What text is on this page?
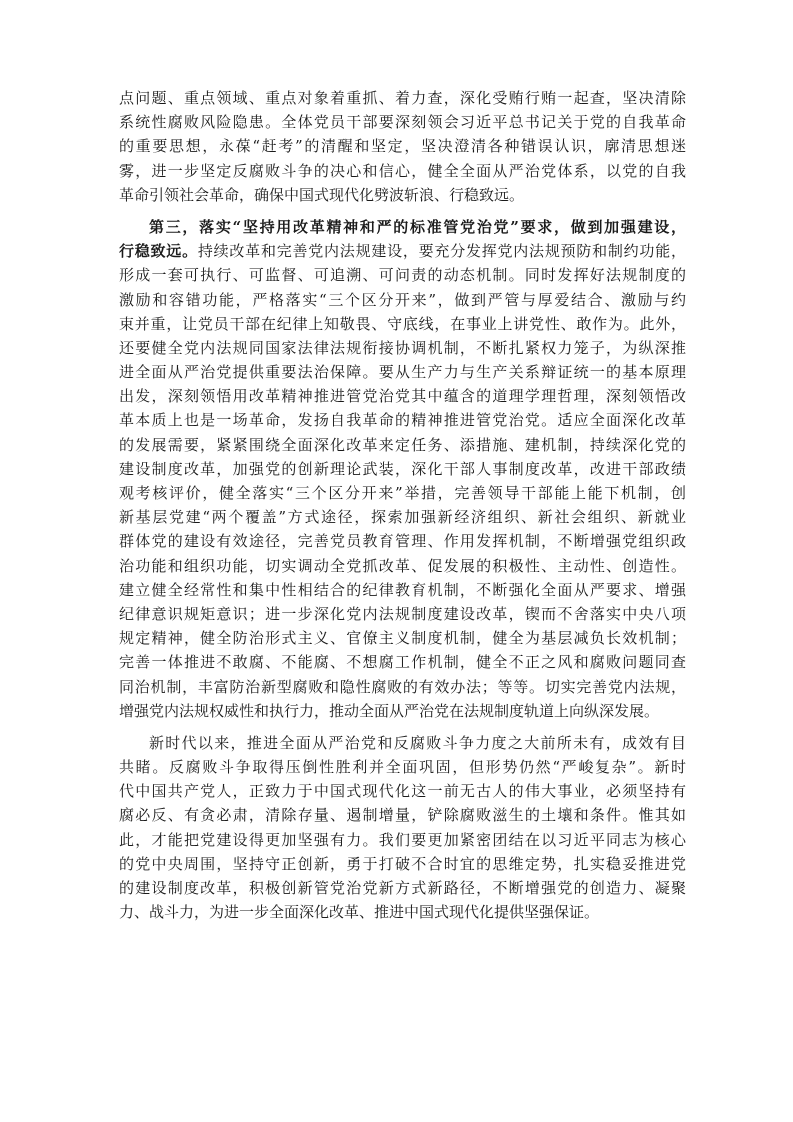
点问题、重点领域、重点对象着重抓、着力查，深化受贿行贿一起查，坚决清除
系统性腐败风险隐患。全体党员干部要深刻领会习近平总书记关于党的自我革命
的重要思想，永葆“赶考”的清醒和坚定，坚决澄清各种错误认识，廓清思想迷
雾，进一步坚定反腐败斗争的决心和信心，健全全面从严治党体系，以党的自我
革命引领社会革命，确保中国式现代化劈波斩浪、行稳致远。
第三，落实“坚持用改革精神和严的标准管党治党”要求，做到加强建设，
行稳致远。持续改革和完善党内法规建设，要充分发挥党内法规预防和制约功能，
形成一套可执行、可监督、可追溯、可问责的动态机制。同时发挥好法规制度的
激励和容错功能，严格落实“三个区分开来”，做到严管与厚爱结合、激励与约
束并重，让党员干部在纪律上知敬畏、守底线，在事业上讲党性、敢作为。此外，
还要健全党内法规同国家法律法规衔接协调机制，不断扎紧权力笼子，为纵深推
进全面从严治党提供重要法治保障。要从生产力与生产关系辩证统一的基本原理
出发，深刻领悟用改革精神推进管党治党其中蕴含的道理学理哲理，深刻领悟改
革本质上也是一场革命，发扬自我革命的精神推进管党治党。适应全面深化改革
的发展需要，紧紧围绕全面深化改革来定任务、添措施、建机制，持续深化党的
建设制度改革，加强党的创新理论武装，深化干部人事制度改革，改进干部政绩
观考核评价，健全落实“三个区分开来”举措，完善领导干部能上能下机制，创
新基层党建“两个覆盖”方式途径，探索加强新经济组织、新社会组织、新就业
群体党的建设有效途径，完善党员教育管理、作用发挥机制，不断增强党组织政
治功能和组织功能，切实调动全党抓改革、促发展的积极性、主动性、创造性。
建立健全经常性和集中性相结合的纪律教育机制，不断强化全面从严要求、增强
纪律意识规矩意识；进一步深化党内法规制度建设改革，锲而不舍落实中央八项
规定精神，健全防治形式主义、官僚主义制度机制，健全为基层减负长效机制；
完善一体推进不敢腐、不能腐、不想腐工作机制，健全不正之风和腐败问题同查
同治机制，丰富防治新型腐败和隐性腐败的有效办法；等等。切实完善党内法规，
增强党内法规权威性和执行力，推动全面从严治党在法规制度轨道上向纵深发展。
新时代以来，推进全面从严治党和反腐败斗争力度之大前所未有，成效有目
共睹。反腐败斗争取得压倒性胜利并全面巩固，但形势仍然“严峻复杂”。新时
代中国共产党人，正致力于中国式现代化这一前无古人的伟大事业，必须坚持有
腐必反、有贪必肃，清除存量、遏制增量，铲除腐败滋生的土壤和条件。惟其如
此，才能把党建设得更加坚强有力。我们要更加紧密团结在以习近平同志为核心
的党中央周围，坚持守正创新，勇于打破不合时宜的思维定势，扎实稳妥推进党
的建设制度改革，积极创新管党治党新方式新路径，不断增强党的创造力、凝聚
力、战斗力，为进一步全面深化改革、推进中国式现代化提供坚强保证。
